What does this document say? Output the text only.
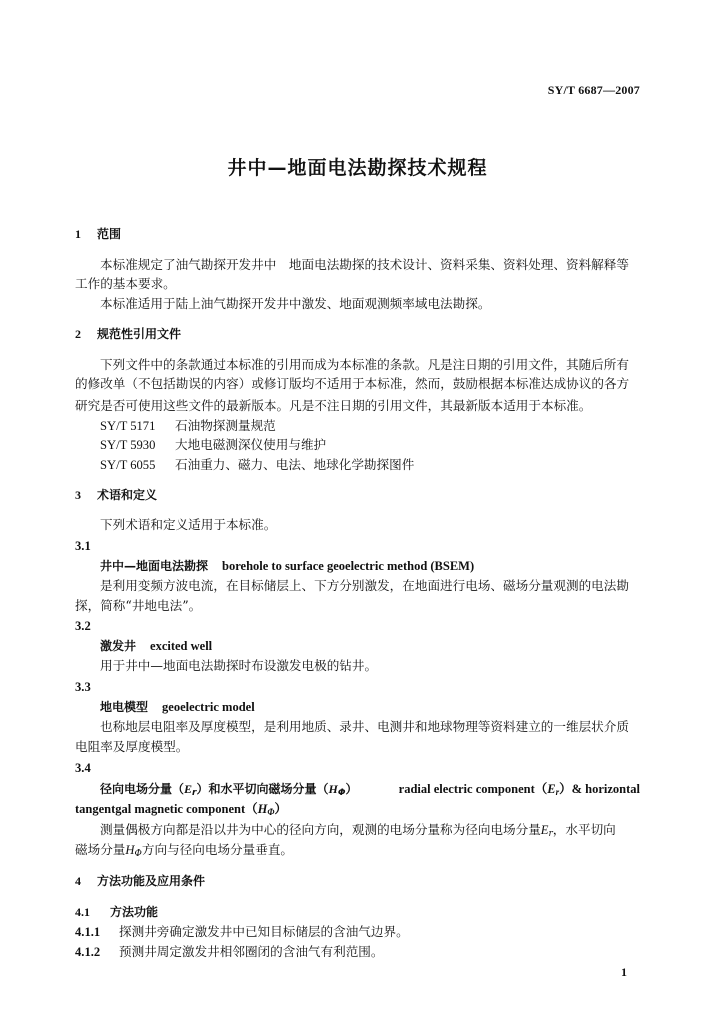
SY/T 6687—2007
井中—地面电法勘探技术规程
1 范围
本标准规定了油气勘探开发井中　地面电法勘探的技术设计、资料采集、资料处理、资料解释等
工作的基本要求。
本标准适用于陆上油气勘探开发井中激发、地面观测频率域电法勘探。
2 规范性引用文件
下列文件中的条款通过本标准的引用而成为本标准的条款。凡是注日期的引用文件，其随后所有
的修改单（不包括勘误的内容）或修订版均不适用于本标准，然而，鼓励根据本标准达成协议的各方
研究是否可使用这些文件的最新版本。凡是不注日期的引用文件，其最新版本适用于本标准。
SY/T 5171 石油物探测量规范
SY/T 5930 大地电磁测深仪使用与维护
SY/T 6055 石油重力、磁力、电法、地球化学勘探图件
3 术语和定义
下列术语和定义适用于本标准。
3.1
井中—地面电法勘探 borehole to surface geoelectric method (BSEM)
是利用变频方波电流，在目标储层上、下方分别激发，在地面进行电场、磁场分量观测的电法勘
探，简称“井地电法”。
3.2
激发井 excited well
用于井中—地面电法勘探时布设激发电极的钻井。
3.3
地电模型 geoelectric model
也称地层电阻率及厚度模型，是利用地质、录井、电测井和地球物理等资料建立的一维层状介质
电阻率及厚度模型。
3.4
径向电场分量$(E_r)$和水平切向磁场分量$(H_\Phi)$	radial electric $component(E_r)\&$ horizontal
tangentgal magnetic $component(H_\Phi)$
测量偶极方向都是沿以井为中心的径向方向，观测的电场分量称为径向电场分量$E_r$，水平切向
磁场分量$H_\Phi$方向与径向电场分量垂直。
4 方法功能及应用条件
4.1 方法功能
4.1.1 探测井旁确定激发井中已知目标储层的含油气边界。
4.1.2 预测井周定激发井相邻圈闭的含油气有利范围。
1
